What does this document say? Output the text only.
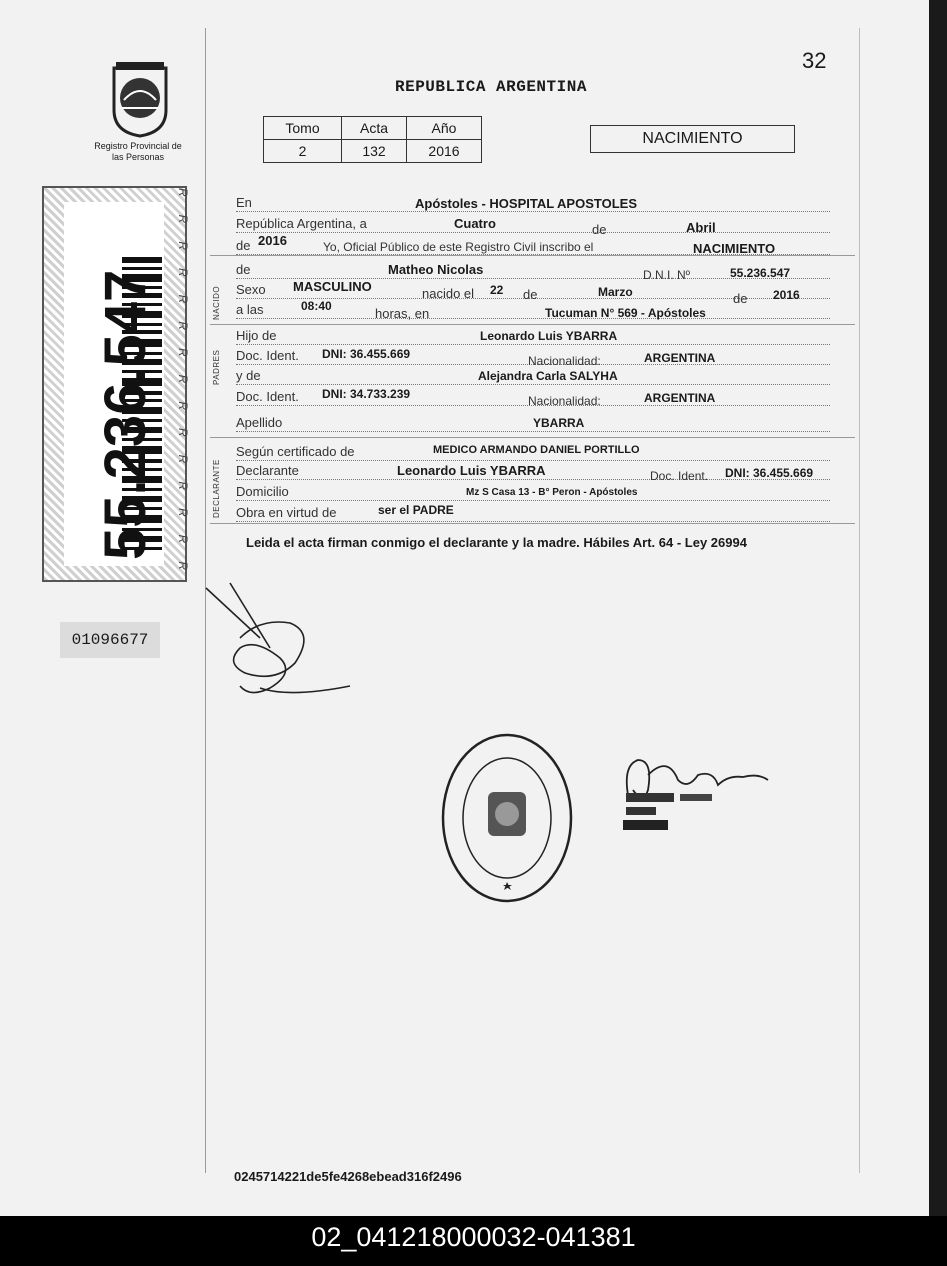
32
REPUBLICA ARGENTINA
Tomo	Acta	Año
2	132	2016
NACIMIENTO
Registro Provincial de las Personas
55.236.547	RRRRRRRRRRRRRRR
01096677
NACIDO
PADRES
DECLARANTE
En	Apóstoles - HOSPITAL APOSTOLES
República Argentina, a	Cuatro	de	Abril
de 2016	Yo, Oficial Público de este Registro Civil inscribo el	NACIMIENTO
de	Matheo Nicolas	D.N.I. Nº	55.236.547
Sexo	MASCULINO	nacido el 22 de	Marzo	de 2016
a las	08:40	horas, en	Tucuman N° 569 - Apóstoles
Hijo de	Leonardo Luis YBARRA
Doc. Ident.	DNI: 36.455.669	Nacionalidad:	ARGENTINA
y de	Alejandra Carla SALYHA
Doc. Ident.	DNI: 34.733.239	Nacionalidad:	ARGENTINA
Apellido	YBARRA
Según certificado de	MEDICO ARMANDO DANIEL PORTILLO
Declarante	Leonardo Luis YBARRA	Doc. Ident. DNI: 36.455.669
Domicilio	Mz S Casa 13 - B° Peron - Apóstoles
Obra en virtud de	ser el PADRE
Leida el acta firman conmigo el declarante y la madre. Hábiles Art. 64 - Ley 26994
0245714221de5fe4268ebead316f2496
02_041218000032-041381
